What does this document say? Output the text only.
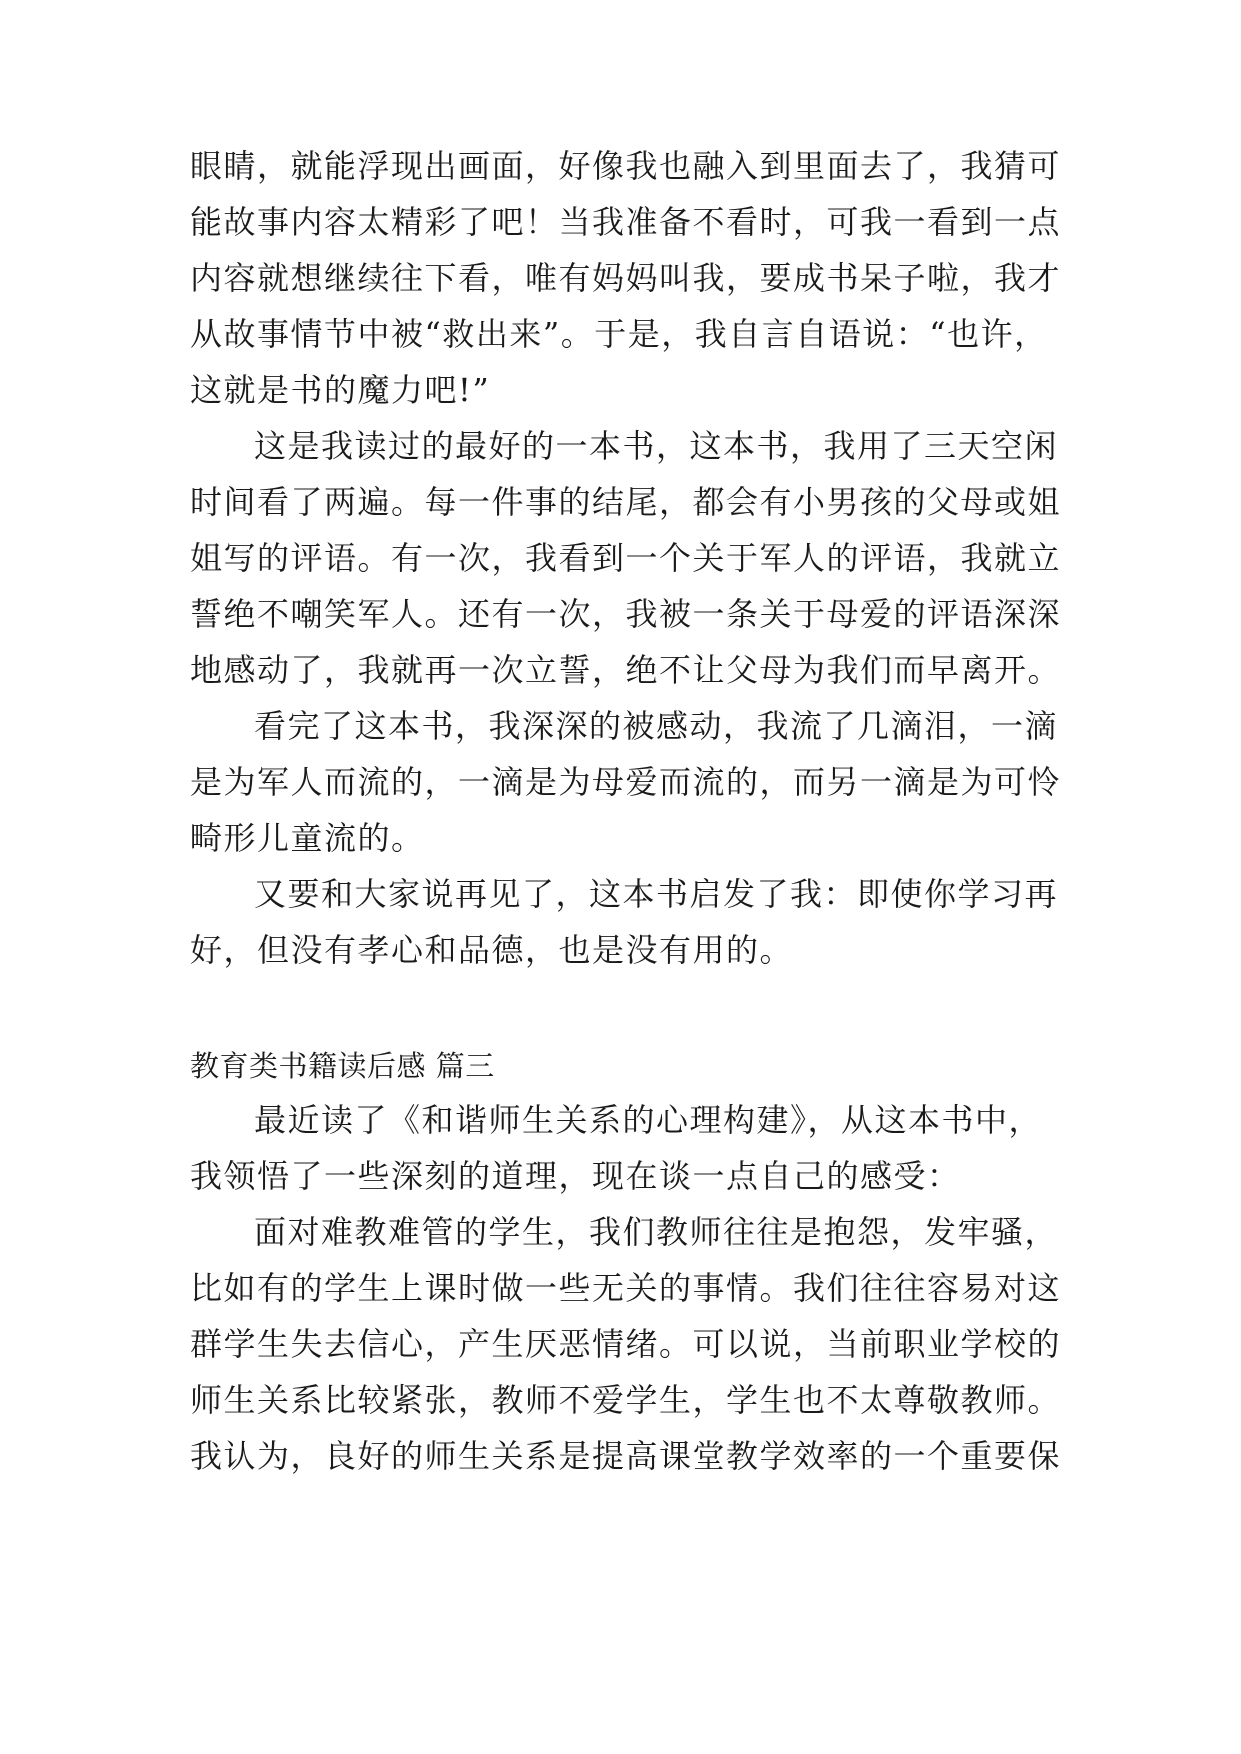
眼睛，就能浮现出画面，好像我也融入到里面去了，我猜可
能故事内容太精彩了吧！当我准备不看时，可我一看到一点
内容就想继续往下看，唯有妈妈叫我，要成书呆子啦，我才
从故事情节中被“救出来”。于是，我自言自语说：“也许，
这就是书的魔力吧!”
这是我读过的最好的一本书，这本书，我用了三天空闲
时间看了两遍。每一件事的结尾，都会有小男孩的父母或姐
姐写的评语。有一次，我看到一个关于军人的评语，我就立
誓绝不嘲笑军人。还有一次，我被一条关于母爱的评语深深
地感动了，我就再一次立誓，绝不让父母为我们而早离开。
看完了这本书，我深深的被感动，我流了几滴泪，一滴
是为军人而流的，一滴是为母爱而流的，而另一滴是为可怜
畸形儿童流的。
又要和大家说再见了，这本书启发了我：即使你学习再
好，但没有孝心和品德，也是没有用的。
教育类书籍读后感 篇三
最近读了《和谐师生关系的心理构建》，从这本书中，
我领悟了一些深刻的道理，现在谈一点自己的感受：
面对难教难管的学生，我们教师往往是抱怨，发牢骚，
比如有的学生上课时做一些无关的事情。我们往往容易对这
群学生失去信心，产生厌恶情绪。可以说，当前职业学校的
师生关系比较紧张，教师不爱学生，学生也不太尊敬教师。
我认为，良好的师生关系是提高课堂教学效率的一个重要保
